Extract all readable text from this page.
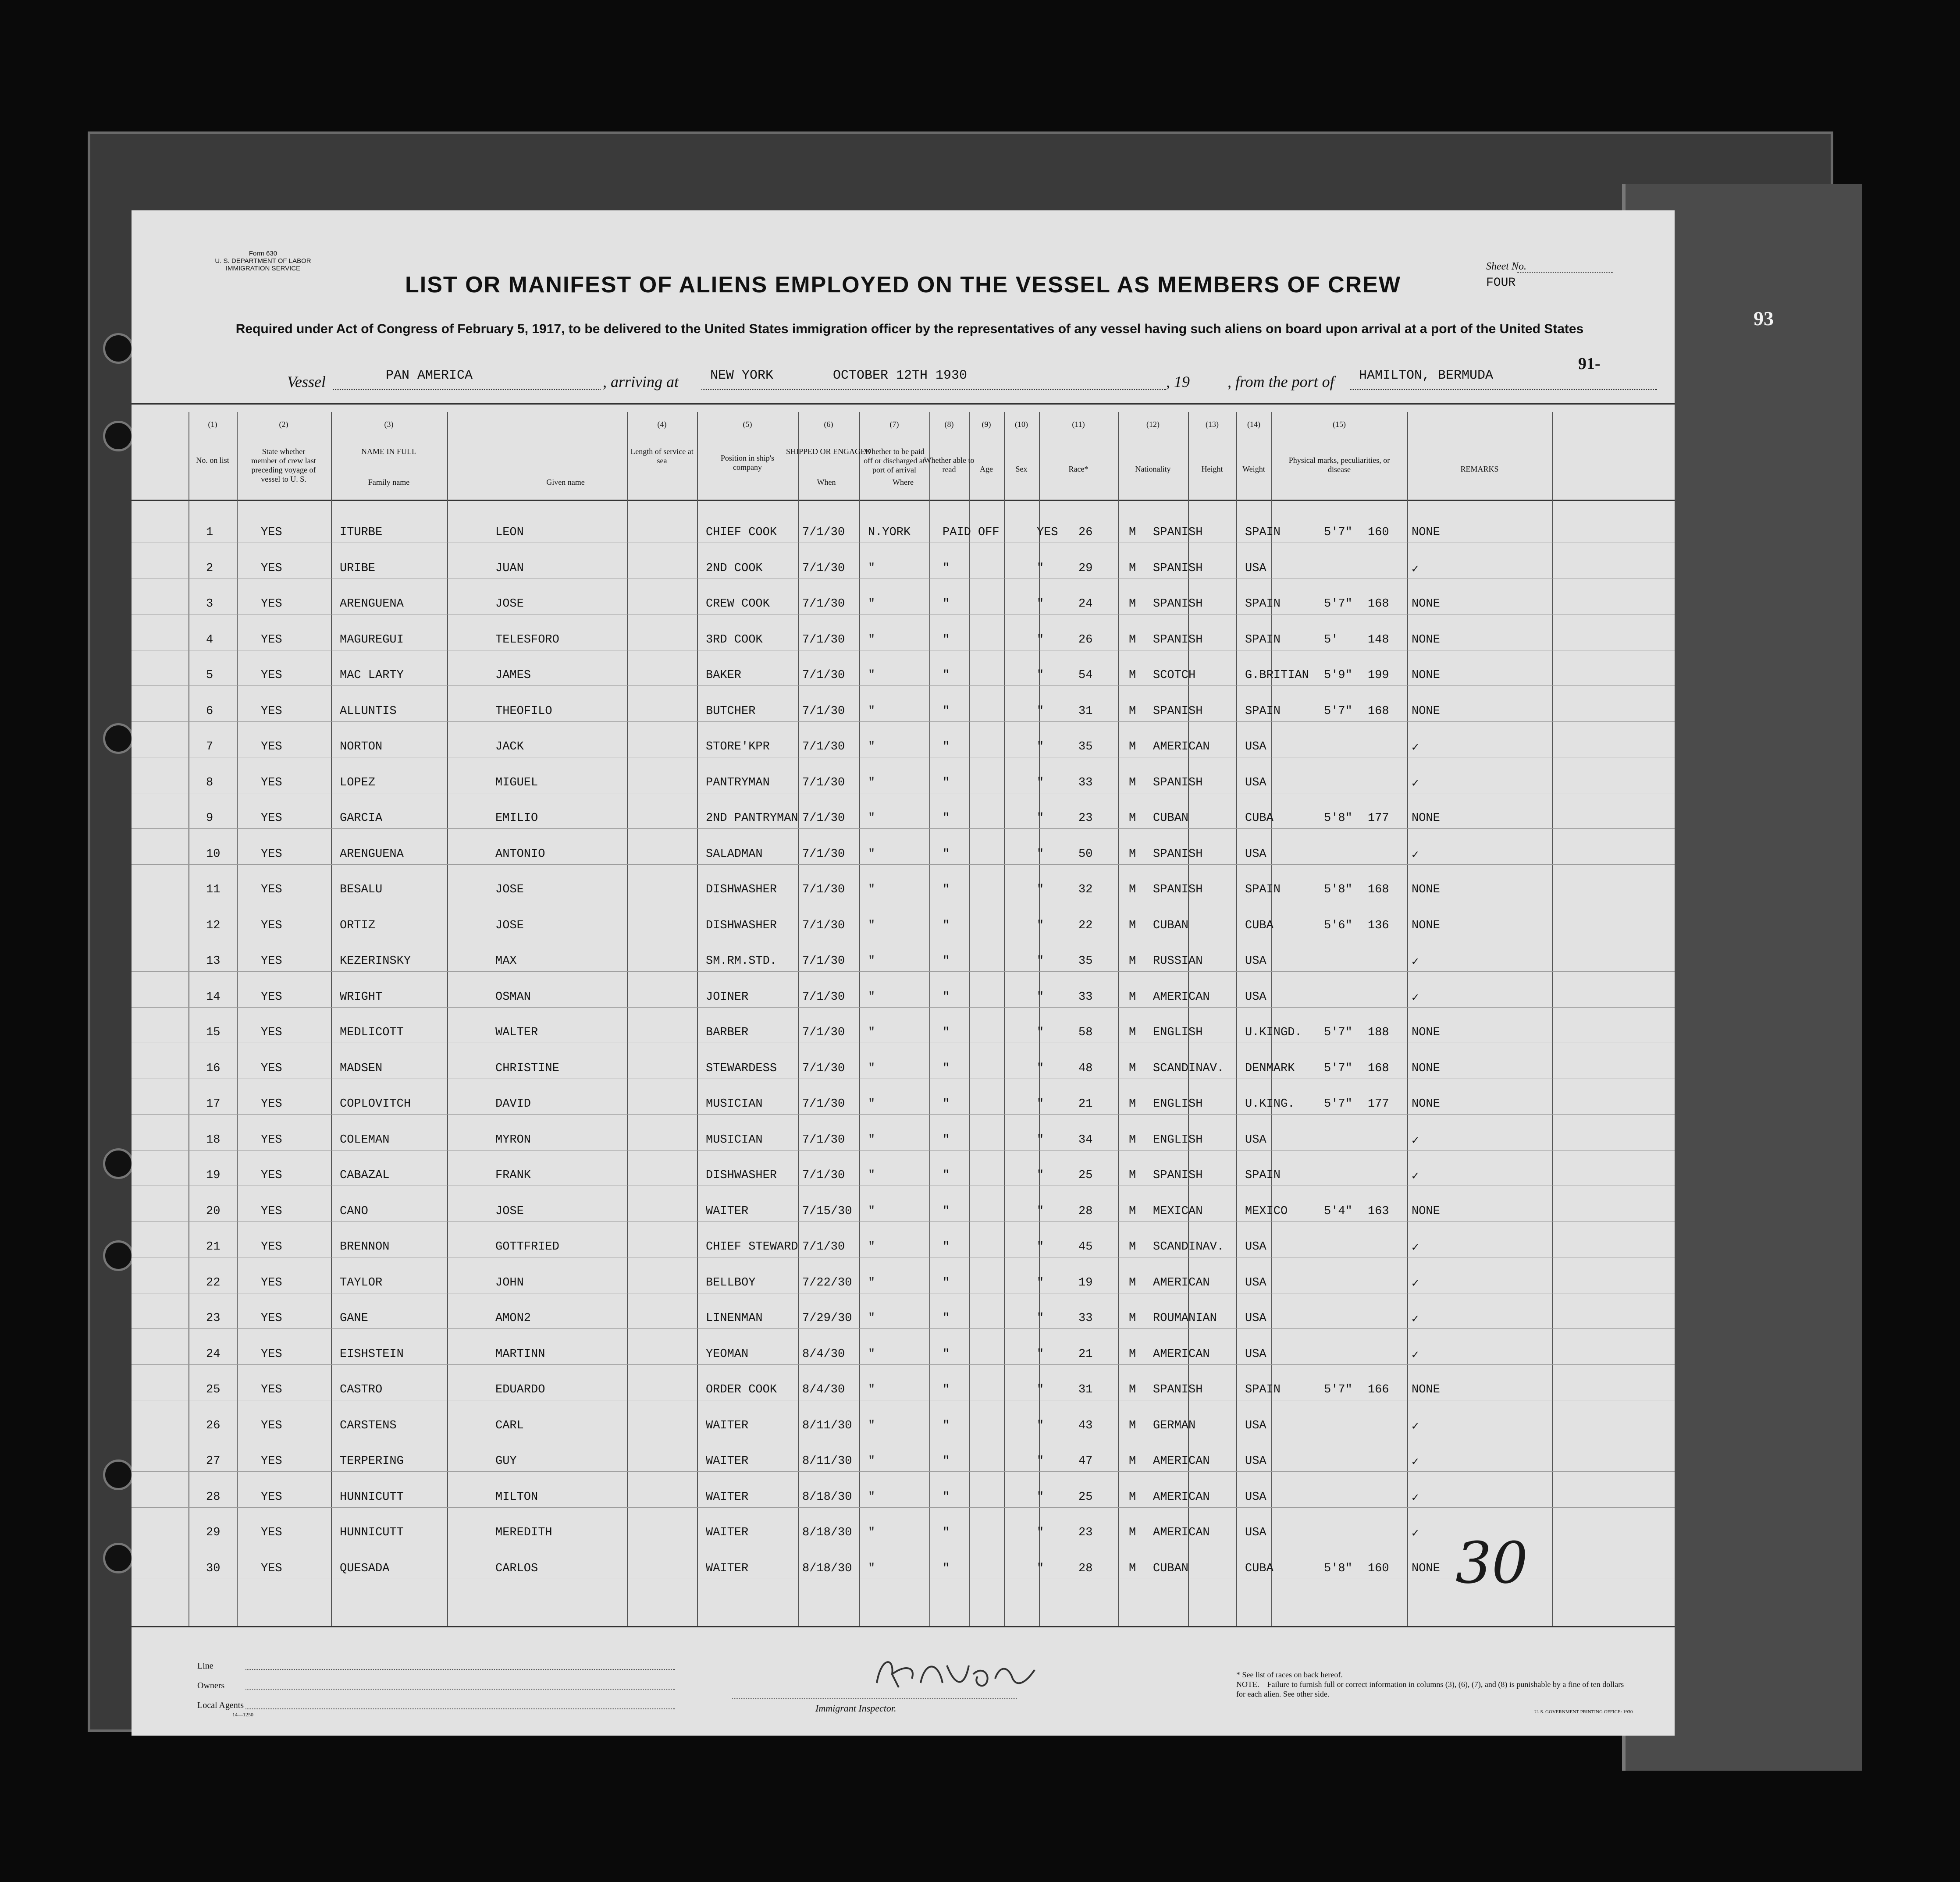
93
Form 630
U. S. DEPARTMENT OF LABOR
IMMIGRATION SERVICE
LIST OR MANIFEST OF ALIENS EMPLOYED ON THE VESSEL AS MEMBERS OF CREW
Required under Act of Congress of February 5, 1917, to be delivered to the United States immigration officer by the representatives of any vessel having such aliens on board upon arrival at a port of the United States
Sheet No.
FOUR
91-
Vessel	PAN AMERICA	, arriving at NEW YORK	OCTOBER 12TH 1930	, 19 , from the port of HAMILTON, BERMUDA
(1)
No. on list
(2)
State whether member of crew last preceding voyage of vessel to U. S.
(3)
NAME IN FULL
Family name	Given name
(4)
Length of service at sea
(5)
Position in ship's company
(6)
SHIPPED OR ENGAGED
When	Where
(7)
Whether to be paid off or discharged at port of arrival
(8)
Whether able to read
(9)
Age
(10)
Sex
(11)
Race*
(12)
Nationality
(13)
Height
(14)
Weight
(15)
Physical marks, peculiarities, or disease	REMARKS
1	YES	ITURBE	LEON	CHIEF COOK 7/1/30 N.YORK	PAID OFF	YES 26	M SPANISH	SPAIN	5'7" 160 NONE
2	YES	URIBE	JUAN	2ND COOK	7/1/30 "	"	"	29	M SPANISH	USA	✓
3	YES	ARENGUENA	JOSE	CREW COOK	7/1/30 "	"	"	24	M SPANISH	SPAIN	5'7" 168 NONE
4	YES	MAGUREGUI	TELESFORO	3RD COOK	7/1/30 "	"	"	26	M SPANISH	SPAIN	5'	148 NONE
5	YES	MAC LARTY	JAMES	BAKER	7/1/30 "	"	"	54	M SCOTCH	G.BRITIAN 5'9" 199 NONE
6	YES	ALLUNTIS	THEOFILO	BUTCHER	7/1/30 "	"	"	31	M SPANISH	SPAIN	5'7" 168 NONE
7	YES	NORTON	JACK	STORE'KPR	7/1/30 "	"	"	35	M AMERICAN	USA	✓
8	YES	LOPEZ	MIGUEL	PANTRYMAN	7/1/30 "	"	"	33	M SPANISH	USA	✓
9	YES	GARCIA	EMILIO	2ND PANTRYMAN 7/1/30 "	"	"	23	M CUBAN	CUBA	5'8" 177 NONE
10	YES	ARENGUENA	ANTONIO	SALADMAN	7/1/30 "	"	"	50	M SPANISH	USA	✓
11	YES	BESALU	JOSE	DISHWASHER 7/1/30 "	"	"	32	M SPANISH	SPAIN	5'8" 168 NONE
12	YES	ORTIZ	JOSE	DISHWASHER 7/1/30 "	"	"	22	M CUBAN	CUBA	5'6" 136 NONE
13	YES	KEZERINSKY	MAX	SM.RM.STD. 7/1/30 "	"	"	35	M RUSSIAN	USA	✓
14	YES	WRIGHT	OSMAN	JOINER	7/1/30 "	"	"	33	M AMERICAN	USA	✓
15	YES	MEDLICOTT	WALTER	BARBER	7/1/30 "	"	"	58	M ENGLISH	U.KINGD. 5'7" 188 NONE
16	YES	MADSEN	CHRISTINE	STEWARDESS 7/1/30 "	"	"	48	M SCANDINAV. DENMARK 5'7" 168 NONE
17	YES	COPLOVITCH	DAVID	MUSICIAN	7/1/30 "	"	"	21	M ENGLISH	U.KING. 5'7" 177 NONE
18	YES	COLEMAN	MYRON	MUSICIAN	7/1/30 "	"	"	34	M ENGLISH	USA	✓
19	YES	CABAZAL	FRANK	DISHWASHER 7/1/30 "	"	"	25	M SPANISH	SPAIN	✓
20	YES	CANO	JOSE	WAITER	7/15/30 "	"	"	28	M MEXICAN	MEXICO	5'4" 163 NONE
21	YES	BRENNON	GOTTFRIED	CHIEF STEWARD 7/1/30 "	"	"	45	M SCANDINAV. USA	✓
22	YES	TAYLOR	JOHN	BELLBOY	7/22/30 "	"	"	19	M AMERICAN	USA	✓
23	YES	GANE	AMON2	LINENMAN	7/29/30 "	"	"	33	M ROUMANIAN USA	✓
24	YES	EISHSTEIN	MARTINN	YEOMAN	8/4/30 "	"	"	21	M AMERICAN	USA	✓
25	YES	CASTRO	EDUARDO	ORDER COOK 8/4/30 "	"	"	31	M SPANISH	SPAIN	5'7" 166 NONE
26	YES	CARSTENS	CARL	WAITER	8/11/30 "	"	"	43	M GERMAN	USA	✓
27	YES	TERPERING	GUY	WAITER	8/11/30 "	"	"	47	M AMERICAN	USA	✓
28	YES	HUNNICUTT	MILTON	WAITER	8/18/30 "	"	"	25	M AMERICAN	USA	✓
29	YES	HUNNICUTT	MEREDITH	WAITER	8/18/30 "	"	"	23	M AMERICAN	USA	✓
30	YES	QUESADA	CARLOS	WAITER	8/18/30 "	"	"	28	M CUBAN	CUBA	5'8" 160 NONE 30
Line
Owners
Local Agents
14—1250
Immigrant Inspector.
* See list of races on back hereof.
NOTE.—Failure to furnish full or correct information in columns (3), (6), (7), and (8) is punishable by a fine of ten dollars for each alien. See other side.
U. S. GOVERNMENT PRINTING OFFICE: 1930
